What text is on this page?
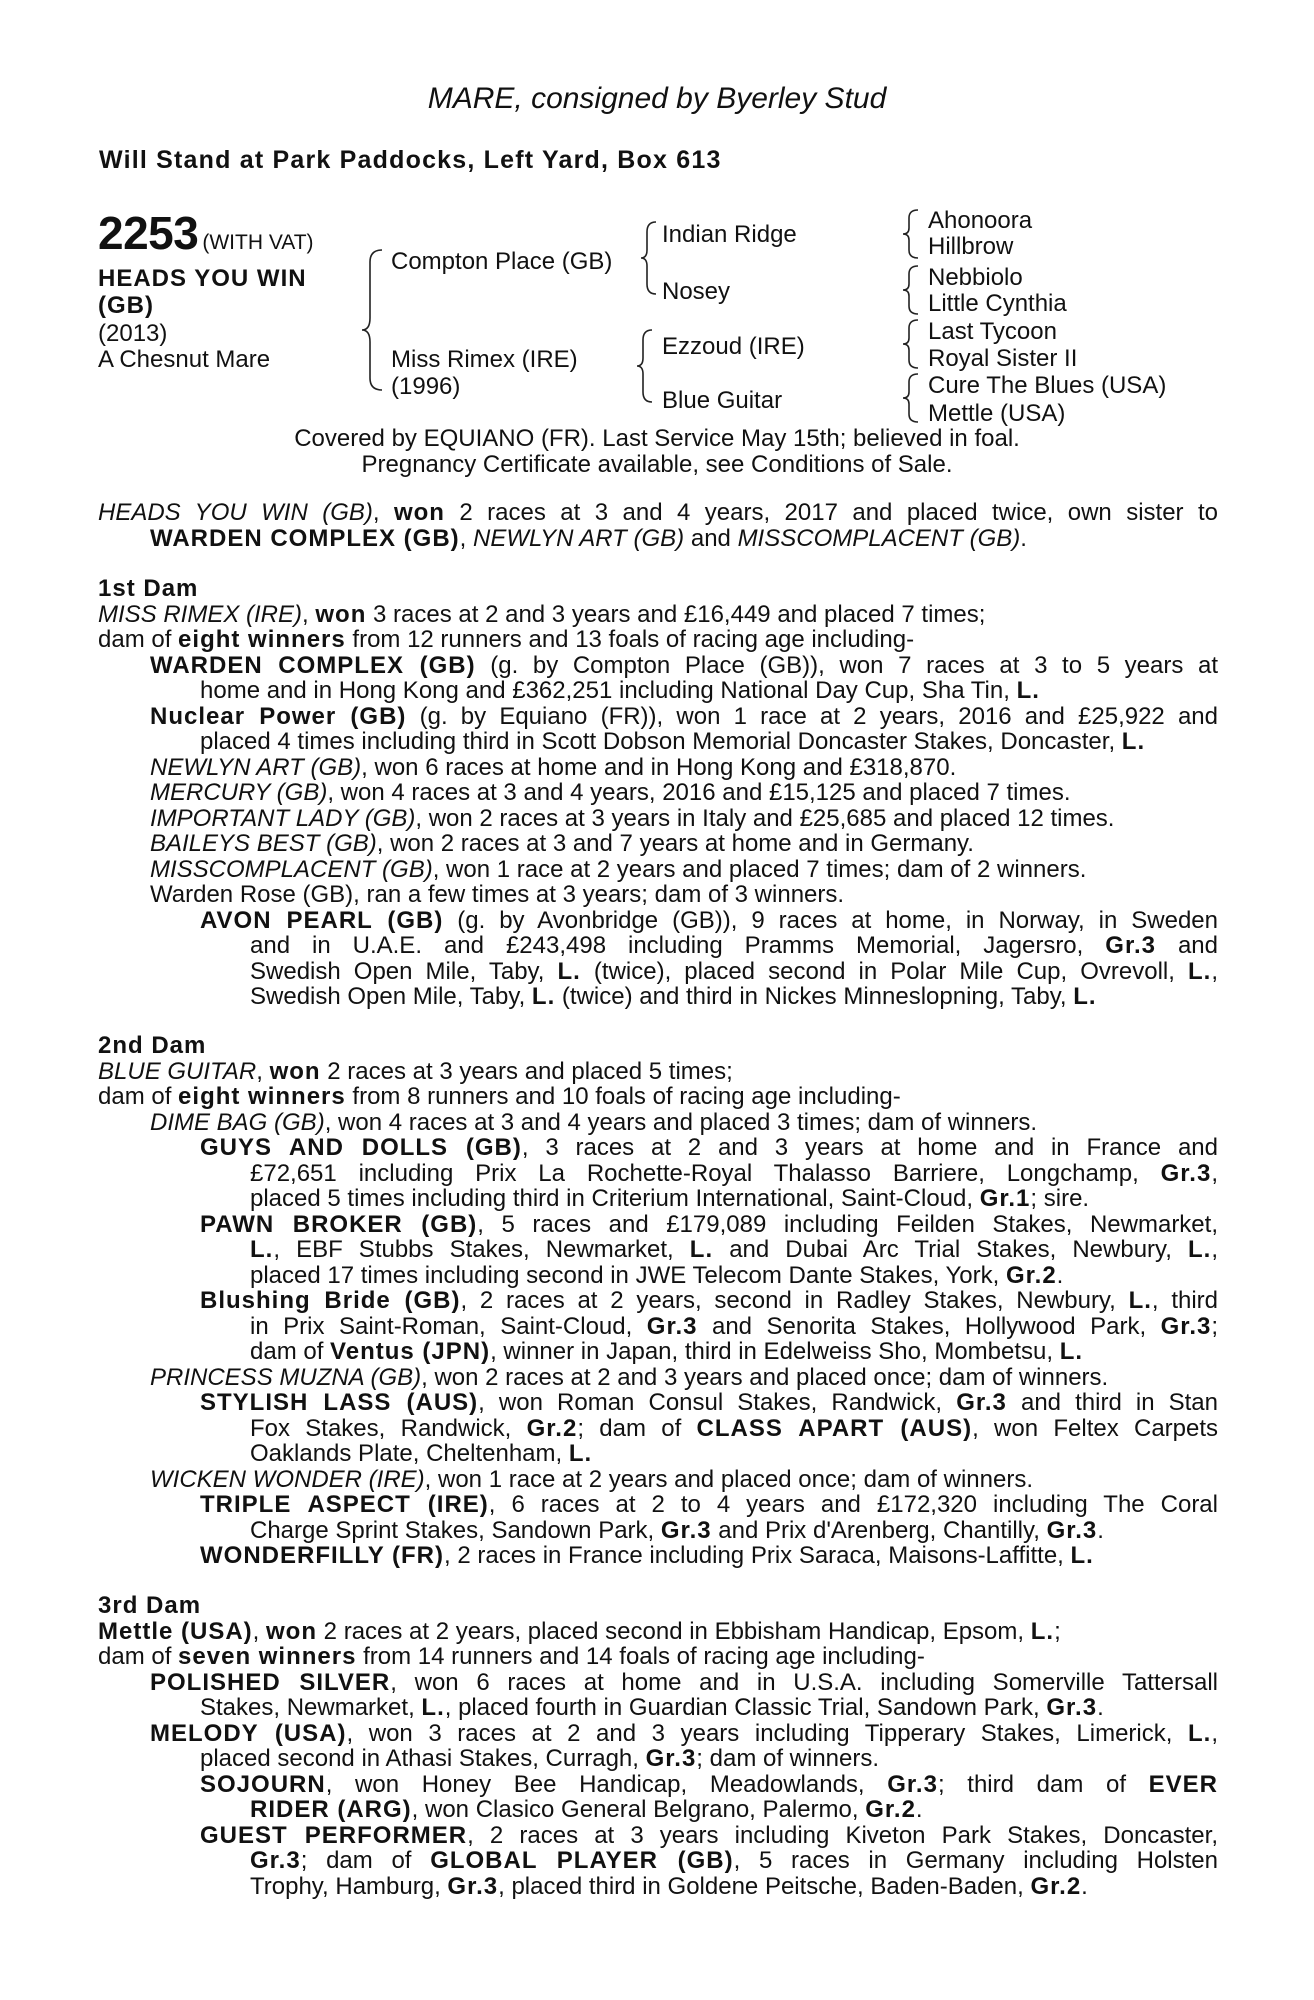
MARE, consigned by Byerley Stud
Will Stand at Park Paddocks, Left Yard, Box 613
2253 (WITH VAT)
HEADS YOU WIN
(GB)
(2013)
A Chesnut Mare
Compton Place (GB)
Miss Rimex (IRE)
(1996)
Indian Ridge
Nosey
Ezzoud (IRE)
Blue Guitar
Ahonoora
Hillbrow
Nebbiolo
Little Cynthia
Last Tycoon
Royal Sister II
Cure The Blues (USA)
Mettle (USA)
Covered by EQUIANO (FR). Last Service May 15th; believed in foal.
Pregnancy Certificate available, see Conditions of Sale.
HEADS YOU WIN (GB), won 2 races at 3 and 4 years, 2017 and placed twice, own sister to
WARDEN COMPLEX (GB), NEWLYN ART (GB) and MISSCOMPLACENT (GB).
1st Dam
MISS RIMEX (IRE), won 3 races at 2 and 3 years and £16,449 and placed 7 times;
dam of eight winners from 12 runners and 13 foals of racing age including-
WARDEN COMPLEX (GB) (g. by Compton Place (GB)), won 7 races at 3 to 5 years at
home and in Hong Kong and £362,251 including National Day Cup, Sha Tin, L.
Nuclear Power (GB) (g. by Equiano (FR)), won 1 race at 2 years, 2016 and £25,922 and
placed 4 times including third in Scott Dobson Memorial Doncaster Stakes, Doncaster, L.
NEWLYN ART (GB), won 6 races at home and in Hong Kong and £318,870.
MERCURY (GB), won 4 races at 3 and 4 years, 2016 and £15,125 and placed 7 times.
IMPORTANT LADY (GB), won 2 races at 3 years in Italy and £25,685 and placed 12 times.
BAILEYS BEST (GB), won 2 races at 3 and 7 years at home and in Germany.
MISSCOMPLACENT (GB), won 1 race at 2 years and placed 7 times; dam of 2 winners.
Warden Rose (GB), ran a few times at 3 years; dam of 3 winners.
AVON PEARL (GB) (g. by Avonbridge (GB)), 9 races at home, in Norway, in Sweden
and in U.A.E. and £243,498 including Pramms Memorial, Jagersro, Gr.3 and
Swedish Open Mile, Taby, L. (twice), placed second in Polar Mile Cup, Ovrevoll, L.,
Swedish Open Mile, Taby, L. (twice) and third in Nickes Minneslopning, Taby, L.
2nd Dam
BLUE GUITAR, won 2 races at 3 years and placed 5 times;
dam of eight winners from 8 runners and 10 foals of racing age including-
DIME BAG (GB), won 4 races at 3 and 4 years and placed 3 times; dam of winners.
GUYS AND DOLLS (GB), 3 races at 2 and 3 years at home and in France and
£72,651 including Prix La Rochette-Royal Thalasso Barriere, Longchamp, Gr.3,
placed 5 times including third in Criterium International, Saint-Cloud, Gr.1; sire.
PAWN BROKER (GB), 5 races and £179,089 including Feilden Stakes, Newmarket,
L., EBF Stubbs Stakes, Newmarket, L. and Dubai Arc Trial Stakes, Newbury, L.,
placed 17 times including second in JWE Telecom Dante Stakes, York, Gr.2.
Blushing Bride (GB), 2 races at 2 years, second in Radley Stakes, Newbury, L., third
in Prix Saint-Roman, Saint-Cloud, Gr.3 and Senorita Stakes, Hollywood Park, Gr.3;
dam of Ventus (JPN), winner in Japan, third in Edelweiss Sho, Mombetsu, L.
PRINCESS MUZNA (GB), won 2 races at 2 and 3 years and placed once; dam of winners.
STYLISH LASS (AUS), won Roman Consul Stakes, Randwick, Gr.3 and third in Stan
Fox Stakes, Randwick, Gr.2; dam of CLASS APART (AUS), won Feltex Carpets
Oaklands Plate, Cheltenham, L.
WICKEN WONDER (IRE), won 1 race at 2 years and placed once; dam of winners.
TRIPLE ASPECT (IRE), 6 races at 2 to 4 years and £172,320 including The Coral
Charge Sprint Stakes, Sandown Park, Gr.3 and Prix d'Arenberg, Chantilly, Gr.3.
WONDERFILLY (FR), 2 races in France including Prix Saraca, Maisons-Laffitte, L.
3rd Dam
Mettle (USA), won 2 races at 2 years, placed second in Ebbisham Handicap, Epsom, L.;
dam of seven winners from 14 runners and 14 foals of racing age including-
POLISHED SILVER, won 6 races at home and in U.S.A. including Somerville Tattersall
Stakes, Newmarket, L., placed fourth in Guardian Classic Trial, Sandown Park, Gr.3.
MELODY (USA), won 3 races at 2 and 3 years including Tipperary Stakes, Limerick, L.,
placed second in Athasi Stakes, Curragh, Gr.3; dam of winners.
SOJOURN, won Honey Bee Handicap, Meadowlands, Gr.3; third dam of EVER
RIDER (ARG), won Clasico General Belgrano, Palermo, Gr.2.
GUEST PERFORMER, 2 races at 3 years including Kiveton Park Stakes, Doncaster,
Gr.3; dam of GLOBAL PLAYER (GB), 5 races in Germany including Holsten
Trophy, Hamburg, Gr.3, placed third in Goldene Peitsche, Baden-Baden, Gr.2.
